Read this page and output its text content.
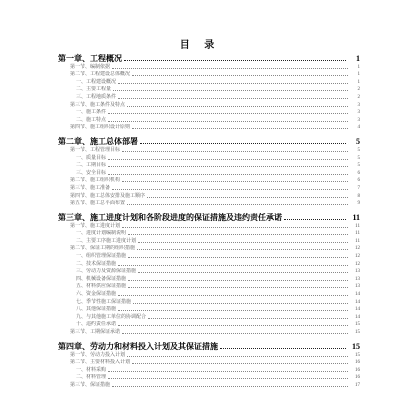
目 录
第一章、工程概况	1
第一节、编制依据	1
第二节、工程建设总体概况	1
一、工程建设概况	1
二、主要工程量	2
三、工程地质条件	2
第三节、施工条件及特点	3
一、施工条件	3
二、施工特点	3
第四节、施工组织设计原则	4
第二章、施工总体部署	5
第一节、工程管理目标	5
一、质量目标	5
二、工期目标	5
三、安全目标	6
第二节、施工组织机构	6
第三节、施工准备	7
第四节、施工总体安排及施工顺序	8
第五节、施工总平面布置	9
第三章、施工进度计划和各阶段进度的保证措施及违约责任承诺	11
第一节、施工进度计划	11
一、进度计划编制说明	11
二、主要工序施工进度计划	11
第二节、保证工期的组织措施	12
一、组织管理保证措施	12
二、技术保证措施	12
三、劳动力及资源保证措施	13
四、机械设备保证措施	13
五、材料供应保证措施	13
六、资金保证措施	14
七、季节性施工保证措施	14
八、其他保证措施	14
九、与其他施工单位的协调配合	14
十、违约责任承诺	15
第三节、工期保证承诺	15
第四章、劳动力和材料投入计划及其保证措施	15
第一节、劳动力投入计划	15
第二节、主要材料投入计划	16
一、材料采购	16
二、材料管理	16
第三节、保证措施	17
